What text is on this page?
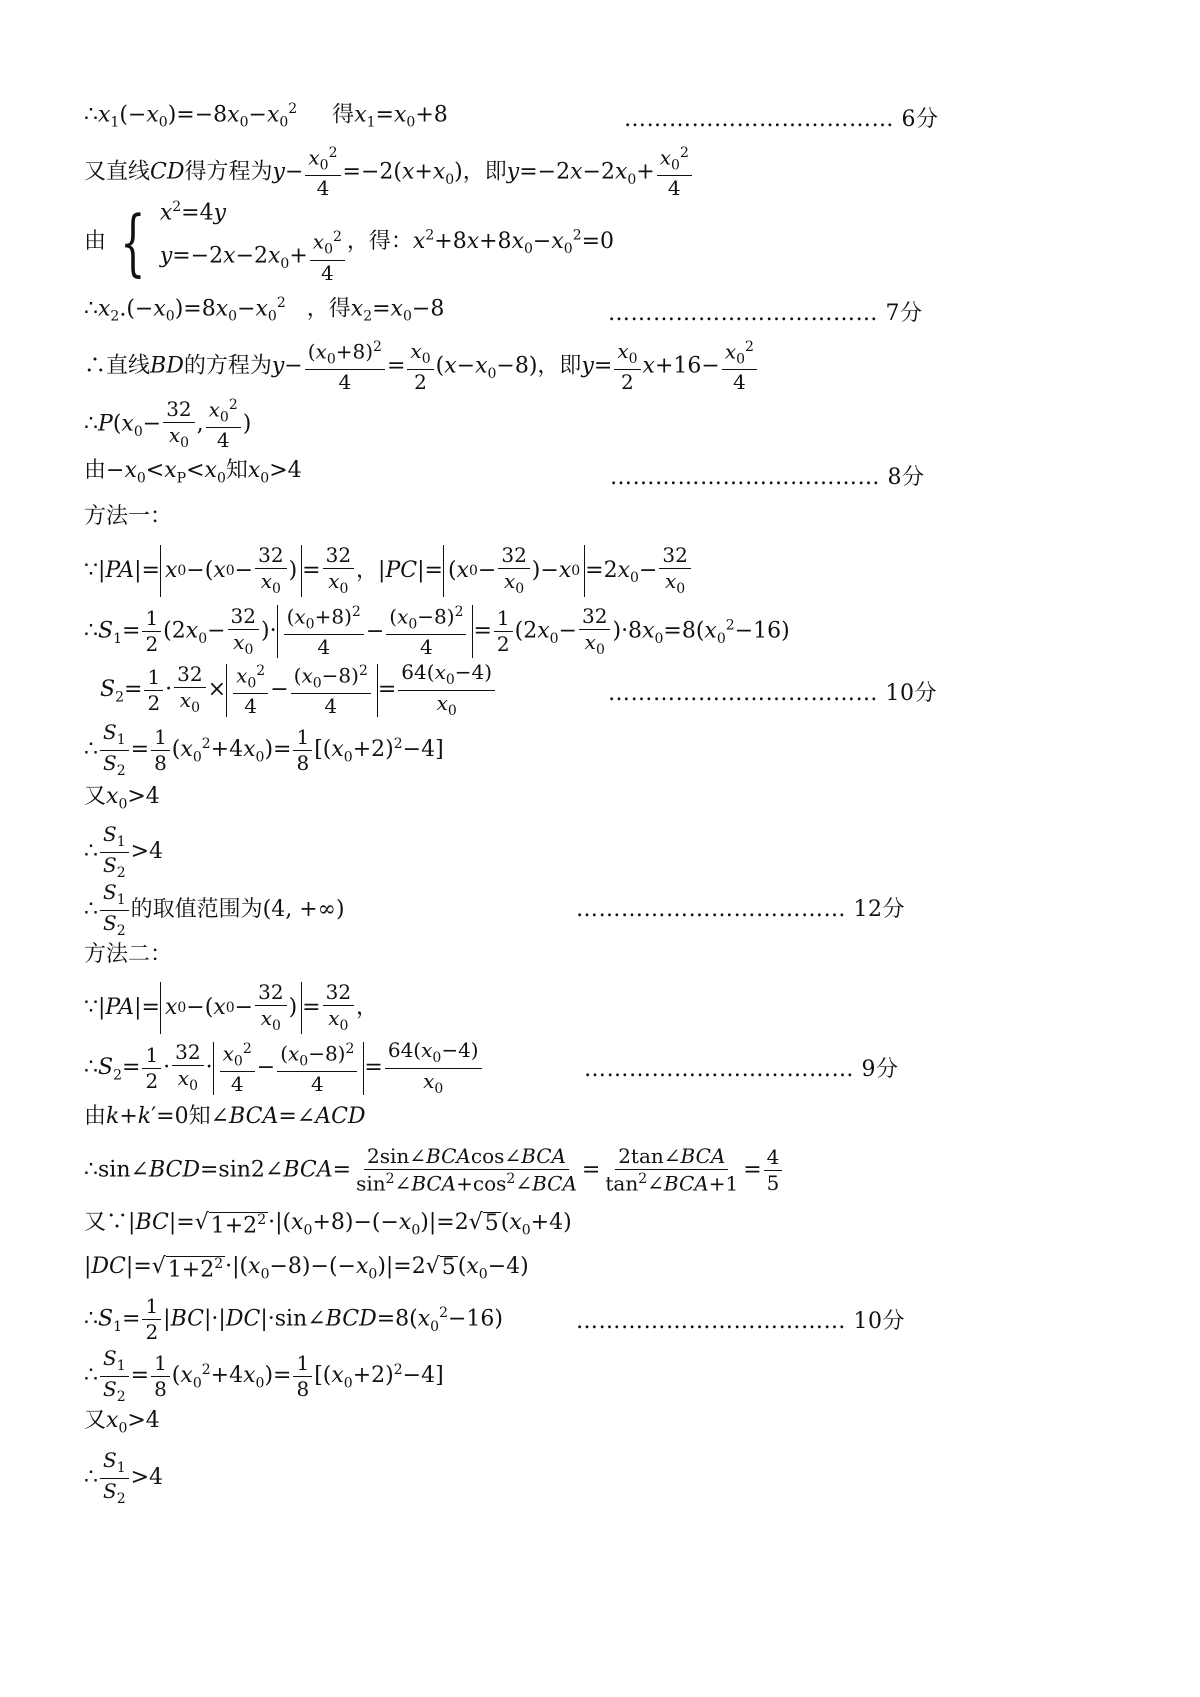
$\therefore x_1(-x_0)=-8x_0-x_0^2$ 得$x_1=x_0+8$	……………………………… 6分
又直线CD得方程为$y- \frac{x_0^2}{4} =-2(x+x_0)$，即$y=-2x-2x_0+ \frac{x_0^2}{4}$
由 { $x^2=4y$
$y=-2x-2x_0+ \frac{x_0^2}{4}$ ，得：$x^2+8x+8x_0-x_0^2=0$
$\therefore x_2.(-x_0)=8x_0-x_0^2$   ，得$x_2=x_0-8$	……………………………… 7分
∴直线BD的方程为$y- \frac{(x_0+8)^2}{4} = \frac{x_0}{2} (x-x_0-8)$，即$y= \frac{x_0}{2} x+16- \frac{x_0^2}{4}$
$\therefore P(x_0- \frac{32}{x_0}$ , $\frac{x_0^2}{4}$ )
由$-x_0<x_P<x_0$知$x_0>4$	……………………………… 8分
方法一：
∵|PA|= x 0 −( x $0 - \frac{32}{x_0}$ ) = $\frac{32}{x_0}$ ，|PC|= ( x $0 - \frac{32}{x_0}$ )− x $0 =2x_0- \frac{32}{x_0}$
$\therefore S_1= \frac{1}{2} (2x_0- \frac{32}{x_0}$ )· $\frac{(x_0+8)^2}{4} - \frac{(x_0-8)^2}{4} = \frac{1}{2} (2x_0- \frac{32}{x_0} )\cdot 8x_0=8(x_0^2-16)$
$S_2= \frac{1}{2} \cdot \frac{32}{x_0} \times \frac{x_0^2}{4} - \frac{(x_0-8)^2}{4} = \frac{64(x_0-4)}{x_0}$	……………………………… 10分
∴ $\frac{S_1}{S_2} = \frac{1}{8} (x_0^2+4x_0)= \frac{1}{8} [(x_0+2)^2-4]$
又$x_0>4$
∴ $\frac{S_1}{S_2} >4$
∴ $\frac{S_1}{S_2}$ 的取值范围为(4, +∞)	……………………………… 12分
方法二：
∵|PA|= x 0 −( x $0 - \frac{32}{x_0}$ ) = $\frac{32}{x_0}$ ，
$\therefore S_2= \frac{1}{2} \cdot \frac{32}{x_0} \cdot \frac{x_0^2}{4} - \frac{(x_0-8)^2}{4} = \frac{64(x_0-4)}{x_0}$	……………………………… 9分
由k+k′=0知∠BCA=∠ACD
∴sin∠BCD=sin2∠BCA= $\frac{\text{2sin∠BCAcos∠BCA}}{\sin^2\angle BCA+\cos^2\angle BCA} = \frac{\text{2tan∠BCA}}{\tan^2\angle BCA+1} = \frac{4}{5}$
又∵|BC|=√ $1+2^2 \cdot|(x_0+8)-(-x_0)|=2√$ 5 $(x_0+4)$
|DC|=√ $1+2^2 \cdot|(x_0-8)-(-x_0)|=2√$ 5 $(x_0-4)$
$\therefore S_1= \frac{1}{2}$ $|BC|\cdot|DC|\cdot\sin\angle BCD=8(x_0^2-16)$	……………………………… 10分
∴ $\frac{S_1}{S_2} = \frac{1}{8} (x_0^2+4x_0)= \frac{1}{8} [(x_0+2)^2-4]$
又$x_0>4$
∴ $\frac{S_1}{S_2} >4$
